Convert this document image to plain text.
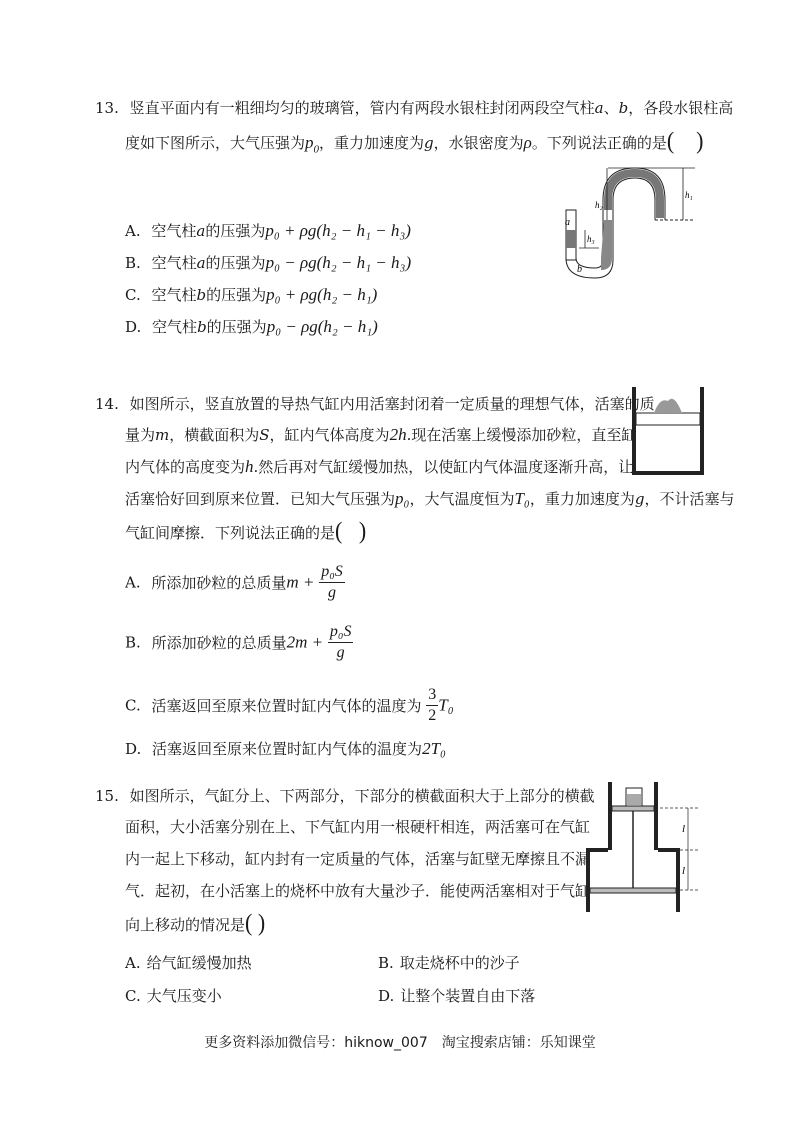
13. 竖直平面内有一粗细均匀的玻璃管，管内有两段水银柱封闭两段空气柱a、b，各段水银柱高
度如下图所示，大气压强为$p_0$，重力加速度为g，水银密度为ρ。下列说法正确的是(    )
A. 空气柱a的压强为p₀ + ρg(h₂ − h₁ − h₃)
B. 空气柱a的压强为p₀ − ρg(h₂ − h₁ − h₃)
C. 空气柱b的压强为p₀ + ρg(h₂ − h₁)
D. 空气柱b的压强为p₀ − ρg(h₂ − h₁)
h₁
h₂
h₃
a
b
14. 如图所示，竖直放置的导热气缸内用活塞封闭着一定质量的理想气体，活塞的质
量为m，横截面积为S，缸内气体高度为2h.现在活塞上缓慢添加砂粒，直至缸
内气体的高度变为h.然后再对气缸缓慢加热，以使缸内气体温度逐渐升高，让
活塞恰好回到原来位置．已知大气压强为p₀，大气温度恒为T₀，重力加速度为g，不计活塞与
气缸间摩擦．下列说法正确的是(   )
A. 所添加砂粒的总质量$m + \frac{\text{p₀S}}{g}$
B. 所添加砂粒的总质量$2m + \frac{\text{p₀S}}{g}$
C. 活塞返回至原来位置时缸内气体的温度为 $\frac{3}{2} T_0$
D. 活塞返回至原来位置时缸内气体的温度为2T₀
15. 如图所示，气缸分上、下两部分，下部分的横截面积大于上部分的横截
面积，大小活塞分别在上、下气缸内用一根硬杆相连，两活塞可在气缸
内一起上下移动，缸内封有一定质量的气体，活塞与缸壁无摩擦且不漏
气．起初，在小活塞上的烧杯中放有大量沙子．能使两活塞相对于气缸
向上移动的情况是( )
A. 给气缸缓慢加热	B. 取走烧杯中的沙子
C. 大气压变小	D. 让整个装置自由下落
l
l
更多资料添加微信号：hiknow_007　淘宝搜索店铺：乐知课堂
